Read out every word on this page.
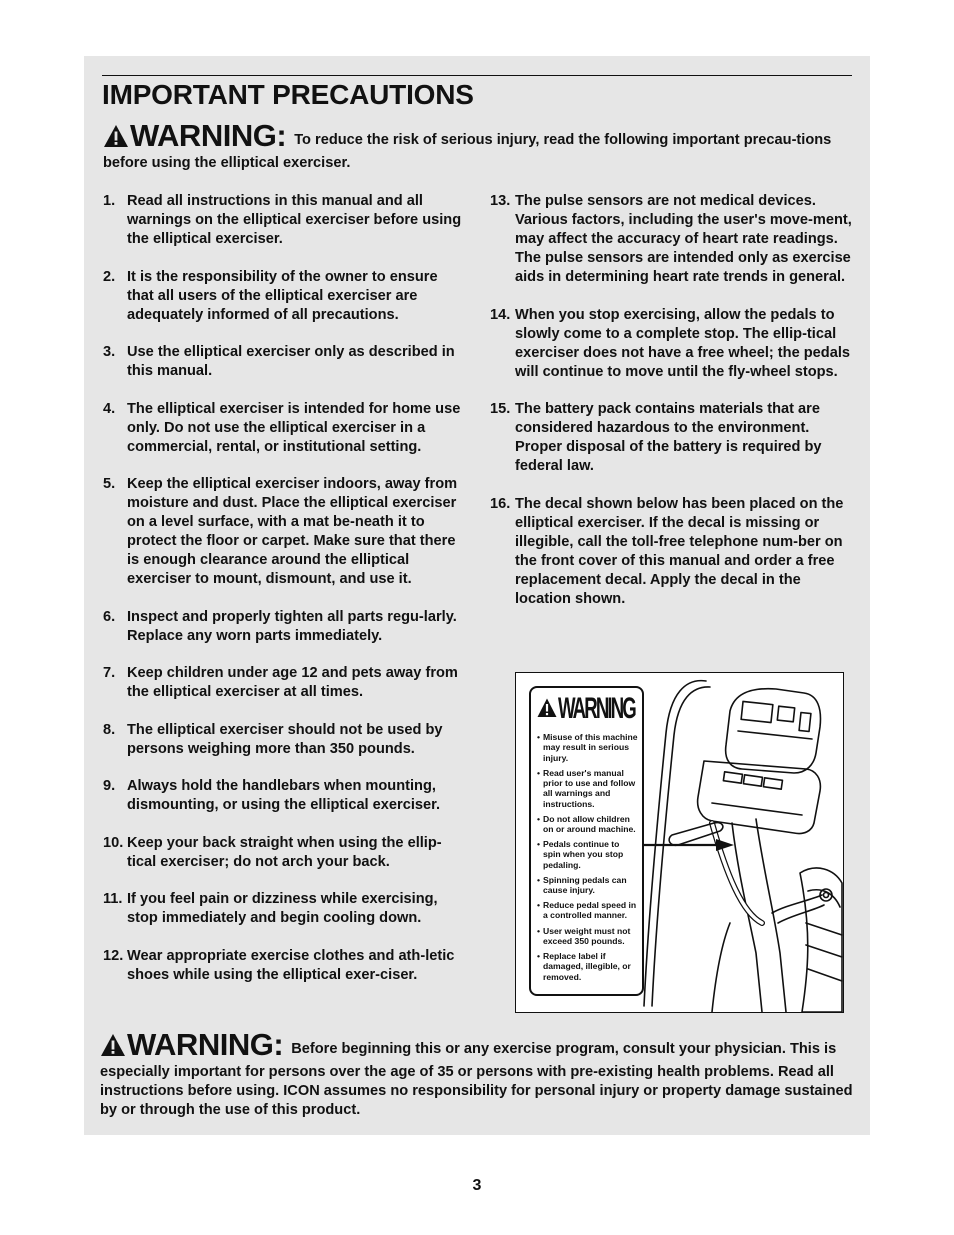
IMPORTANT PRECAUTIONS
WARNING: To reduce the risk of serious injury, read the following important precau-tions before using the elliptical exerciser.
1. Read all instructions in this manual and all warnings on the elliptical exerciser before using the elliptical exerciser.
2. It is the responsibility of the owner to ensure that all users of the elliptical exerciser are adequately informed of all precautions.
3. Use the elliptical exerciser only as described in this manual.
4. The elliptical exerciser is intended for home use only. Do not use the elliptical exerciser in a commercial, rental, or institutional setting.
5. Keep the elliptical exerciser indoors, away from moisture and dust. Place the elliptical exerciser on a level surface, with a mat be-neath it to protect the floor or carpet. Make sure that there is enough clearance around the elliptical exerciser to mount, dismount, and use it.
6. Inspect and properly tighten all parts regu-larly. Replace any worn parts immediately.
7. Keep children under age 12 and pets away from the elliptical exerciser at all times.
8. The elliptical exerciser should not be used by persons weighing more than 350 pounds.
9. Always hold the handlebars when mounting, dismounting, or using the elliptical exerciser.
10. Keep your back straight when using the ellip-tical exerciser; do not arch your back.
11. If you feel pain or dizziness while exercising, stop immediately and begin cooling down.
12. Wear appropriate exercise clothes and ath-letic shoes while using the elliptical exer-ciser.
13. The pulse sensors are not medical devices. Various factors, including the user's move-ment, may affect the accuracy of heart rate readings. The pulse sensors are intended only as exercise aids in determining heart rate trends in general.
14. When you stop exercising, allow the pedals to slowly come to a complete stop. The ellip-tical exerciser does not have a free wheel; the pedals will continue to move until the fly-wheel stops.
15. The battery pack contains materials that are considered hazardous to the environment. Proper disposal of the battery is required by federal law.
16. The decal shown below has been placed on the elliptical exerciser. If the decal is missing or illegible, call the toll-free telephone num-ber on the front cover of this manual and order a free replacement decal. Apply the decal in the location shown.
WARNING
• Misuse of this machine may result in serious injury.
• Read user's manual prior to use and follow all warnings and instructions.
• Do not allow children on or around machine.
• Pedals continue to spin when you stop pedaling.
• Spinning pedals can cause injury.
• Reduce pedal speed in a controlled manner.
• User weight must not exceed 350 pounds.
• Replace label if damaged, illegible, or removed.
WARNING: Before beginning this or any exercise program, consult your physician. This is especially important for persons over the age of 35 or persons with pre-existing health problems. Read all instructions before using. ICON assumes no responsibility for personal injury or property damage sustained by or through the use of this product.
3
